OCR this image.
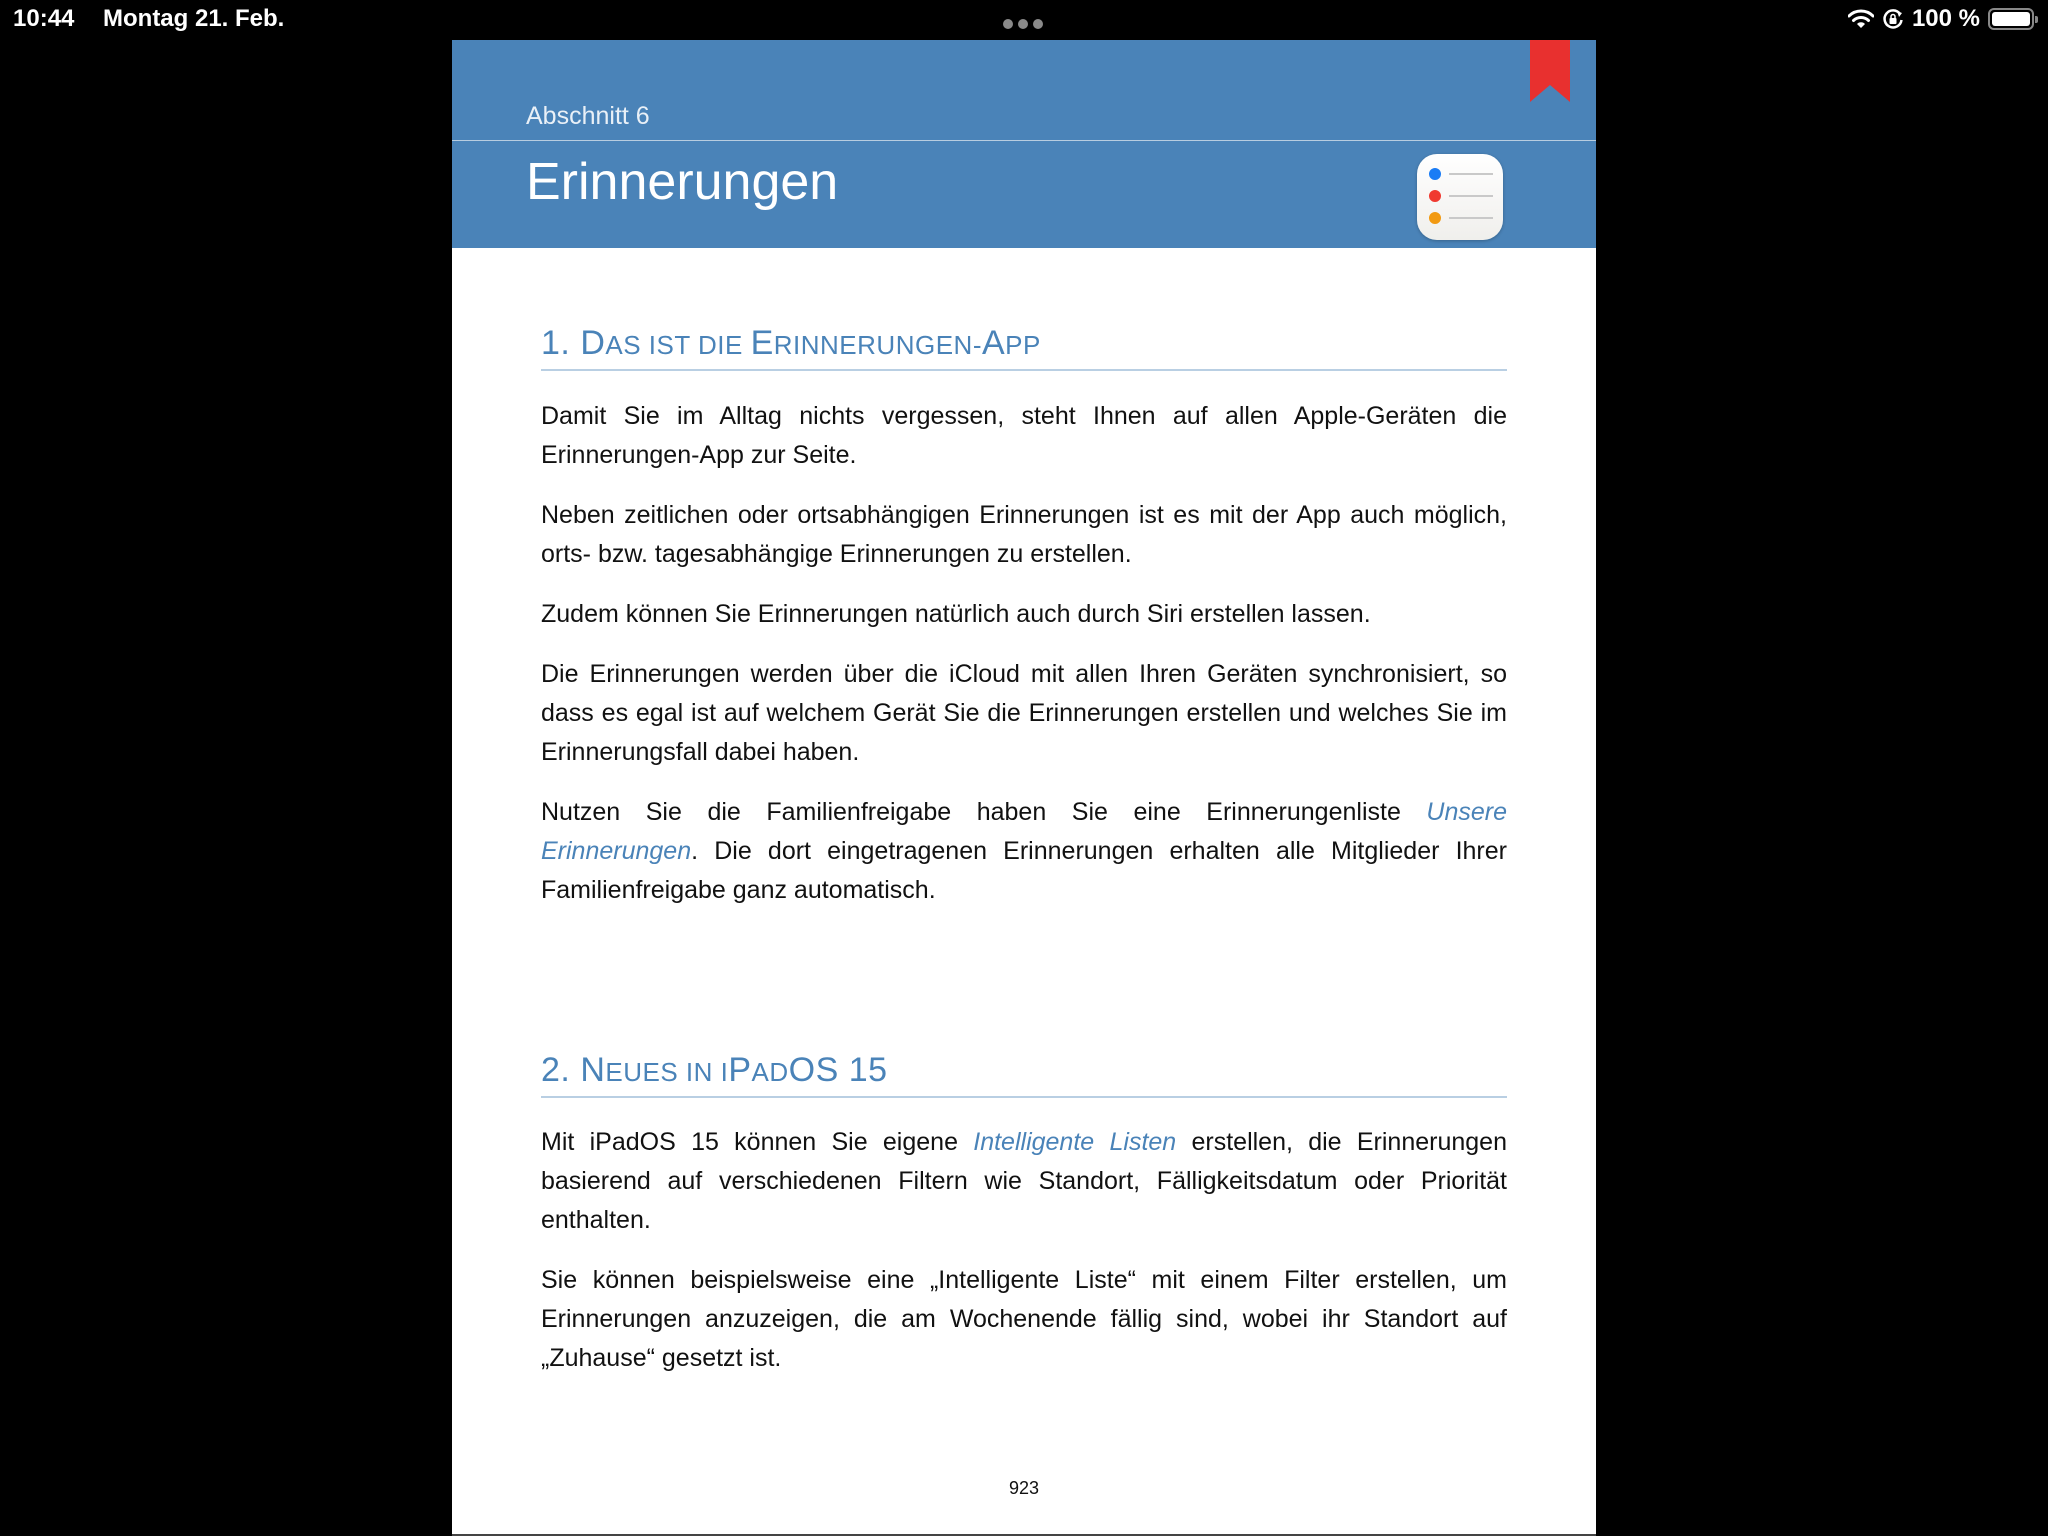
10:44 Montag 21. Feb.	100 %
Abschnitt 6
Erinnerungen
1. DAS IST DIE ERINNERUNGEN-APP

Damit Sie im Alltag nichts vergessen, steht Ihnen auf allen Apple-Geräten die Erinnerungen-App zur Seite.

Neben zeitlichen oder ortsabhängigen Erinnerungen ist es mit der App auch möglich, orts- bzw. tagesabhängige Erinnerungen zu erstellen.

Zudem können Sie Erinnerungen natürlich auch durch Siri erstellen lassen.

Die Erinnerungen werden über die iCloud mit allen Ihren Geräten synchronisiert, so dass es egal ist auf welchem Gerät Sie die Erinnerungen erstellen und welches Sie im Erinnerungsfall dabei haben.

Nutzen Sie die Familienfreigabe haben Sie eine Erinnerungenliste Unsere Erinnerungen. Die dort eingetragenen Erinnerungen erhalten alle Mitglieder Ihrer Familienfreigabe ganz automatisch.

2. NEUES IN IPADOS 15

Mit iPadOS 15 können Sie eigene Intelligente Listen erstellen, die Erinnerungen basierend auf verschiedenen Filtern wie Standort, Fälligkeitsdatum oder Priorität enthalten.

Sie können beispielsweise eine „Intelligente Liste“ mit einem Filter erstellen, um Erinnerungen anzuzeigen, die am Wochenende fällig sind, wobei ihr Standort auf „Zuhause“ gesetzt ist.

923
